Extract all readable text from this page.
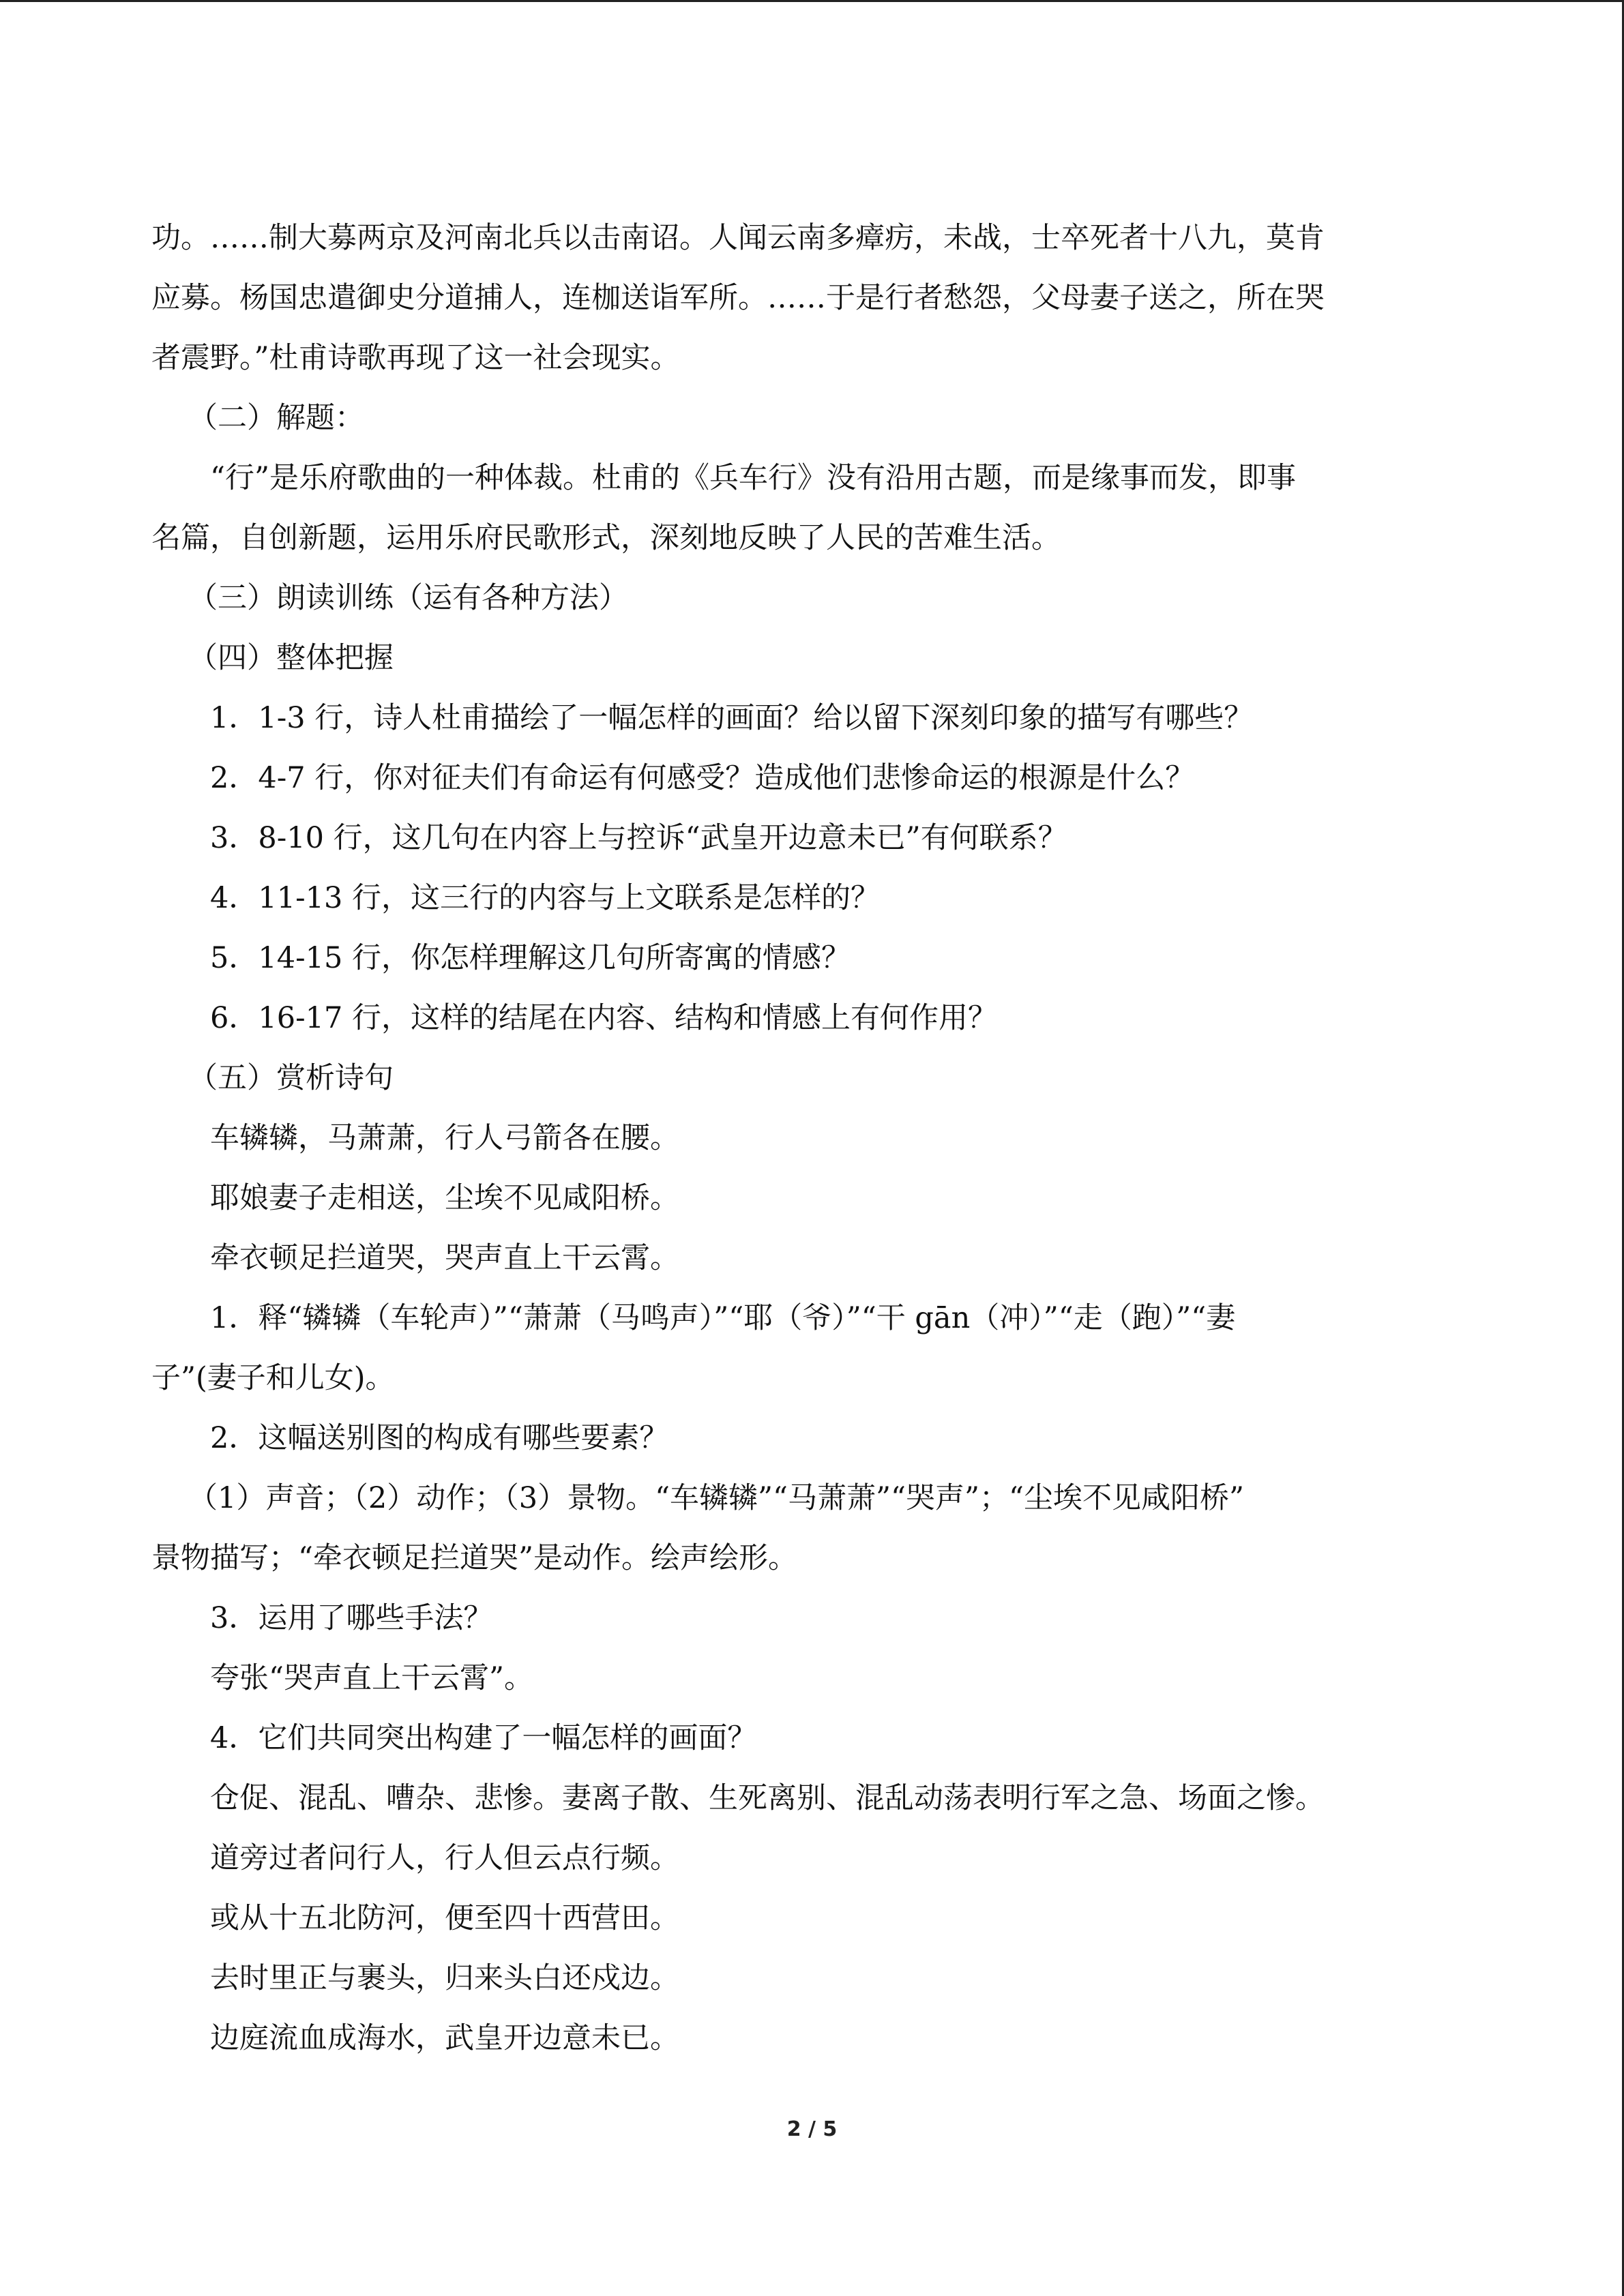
功。……制大募两京及河南北兵以击南诏。人闻云南多瘴疠，未战，士卒死者十八九，莫肯
应募。杨国忠遣御史分道捕人，连枷送诣军所。……于是行者愁怨，父母妻子送之，所在哭
者震野。”杜甫诗歌再现了这一社会现实。
（二）解题：
“行”是乐府歌曲的一种体裁。杜甫的《兵车行》没有沿用古题，而是缘事而发，即事
名篇，自创新题，运用乐府民歌形式，深刻地反映了人民的苦难生活。
（三）朗读训练（运有各种方法）
（四）整体把握
1．1-3 行，诗人杜甫描绘了一幅怎样的画面？给以留下深刻印象的描写有哪些？
2．4-7 行，你对征夫们有命运有何感受？造成他们悲惨命运的根源是什么？
3．8-10 行，这几句在内容上与控诉“武皇开边意未已”有何联系？
4．11-13 行，这三行的内容与上文联系是怎样的？
5．14-15 行，你怎样理解这几句所寄寓的情感？
6．16-17 行，这样的结尾在内容、结构和情感上有何作用？
（五）赏析诗句
车辚辚，马萧萧，行人弓箭各在腰。
耶娘妻子走相送，尘埃不见咸阳桥。
牵衣顿足拦道哭，哭声直上干云霄。
1．释“辚辚（车轮声）”“萧萧（马鸣声）”“耶（爷）”“干 gān（冲）”“走（跑）”“妻
子”(妻子和儿女)。
2．这幅送别图的构成有哪些要素？
（1）声音；（2）动作；（3）景物。“车辚辚”“马萧萧”“哭声”；“尘埃不见咸阳桥”
景物描写；“牵衣顿足拦道哭”是动作。绘声绘形。
3．运用了哪些手法？
夸张“哭声直上干云霄”。
4．它们共同突出构建了一幅怎样的画面？
仓促、混乱、嘈杂、悲惨。妻离子散、生死离别、混乱动荡表明行军之急、场面之惨。
道旁过者问行人，行人但云点行频。
或从十五北防河，便至四十西营田。
去时里正与裹头，归来头白还戍边。
边庭流血成海水，武皇开边意未已。
2 / 5
